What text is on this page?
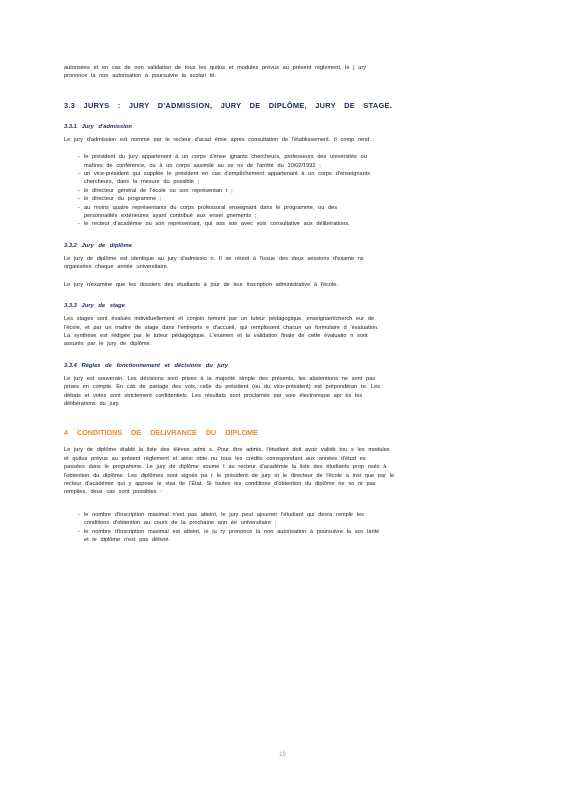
autorisées et en cas de non validation de tous les quitus et modules prévus au présent règlement, le j ury

prononce la non autorisation à poursuivre la scolari té.

3.3 JURYS : JURY D'ADMISSION, JURY DE DIPLÔME, JURY DE STAGE.
3.3.1 Jury d'admission

Le jury d'admission est nommé par le recteur d'acad émie après consultation de l'établissement. Il comp rend :

- le président du jury appartenant à un corps d'ense ignants chercheurs, professeurs des universités ou
maîtres de conférence, ou à un corps assimilé au se ns de l'arrêté du 10/02/1992 ;
- un vice-président qui supplée le président en cas d'empêchement appartenant à un corps d'enseignants
chercheurs, dans la mesure du possible ;
- le directeur général de l'école ou son représentan t ;
- le directeur du programme ;
- au moins quatre représentants du corps professoral enseignant dans le programme, ou des
personnalités extérieures ayant contribué aux ensei gnements ;
- le recteur d'académie ou son représentant, qui ass iste avec voix consultative aux délibérations.
3.3.2 Jury de diplôme

Le jury de diplôme est identique au jury d'admissio n. Il se réunit à l'issue des deux sessions d'exame ns

organisées chaque année universitaire.

Le jury n'examine que les dossiers des étudiants à jour de leur inscription administrative à l'école.

3.3.3 Jury de stage

Les stages sont évalués individuellement et conjoin tement par un tuteur pédagogique, enseignant/cherch eur de

l'école, et par un maître de stage dans l'entrepris e d'accueil, qui remplissent chacun un formulaire d 'évaluation.

La synthèse est rédigée par le tuteur pédagogique. L'examen et la validation finale de cette évaluatio n sont

assurés par le jury de diplôme.

3.3.4 Règles de fonctionnement et décisions du jury

Le jury est souverain. Les décisions sont prises à la majorité simple des présents, les abstentions ne sont pas

prises en compte. En cas de partage des voix, celle du président (ou du vice-président) est prépondéran te. Les

débats et votes sont strictement confidentiels. Les résultats sont proclamés par voie électronique apr ès les

délibérations du jury.

4 CONDITIONS DE DELIVRANCE DU DIPLOME

Le jury de diplôme établit la liste des élèves admi s. Pour être admis, l'étudiant doit avoir validé tou s les modules

et quitus prévus au présent règlement et ainsi obte nu tous les crédits correspondant aux années d'étud es

passées dans le programme. Le jury de diplôme soume t au recteur d'académie la liste des étudiants prop osés à

l'obtention du diplôme. Les diplômes sont signés pa r le président de jury et le directeur de l'école a insi que par le

recteur d'académie qui y appose le visa de l'État. Si toutes les conditions d'obtention du diplôme ne so nt pas

remplies, deux cas sont possibles :

- le nombre d'inscription maximal n'est pas atteint, le jury peut ajourner l'étudiant qui devra remplir les
conditions d'obtention au cours de la prochaine ann ée universitaire ;
- le nombre d'inscription maximal est atteint, le ju ry prononce la non autorisation à poursuivre la sco larité
et le diplôme n'est pas délivré.
19
